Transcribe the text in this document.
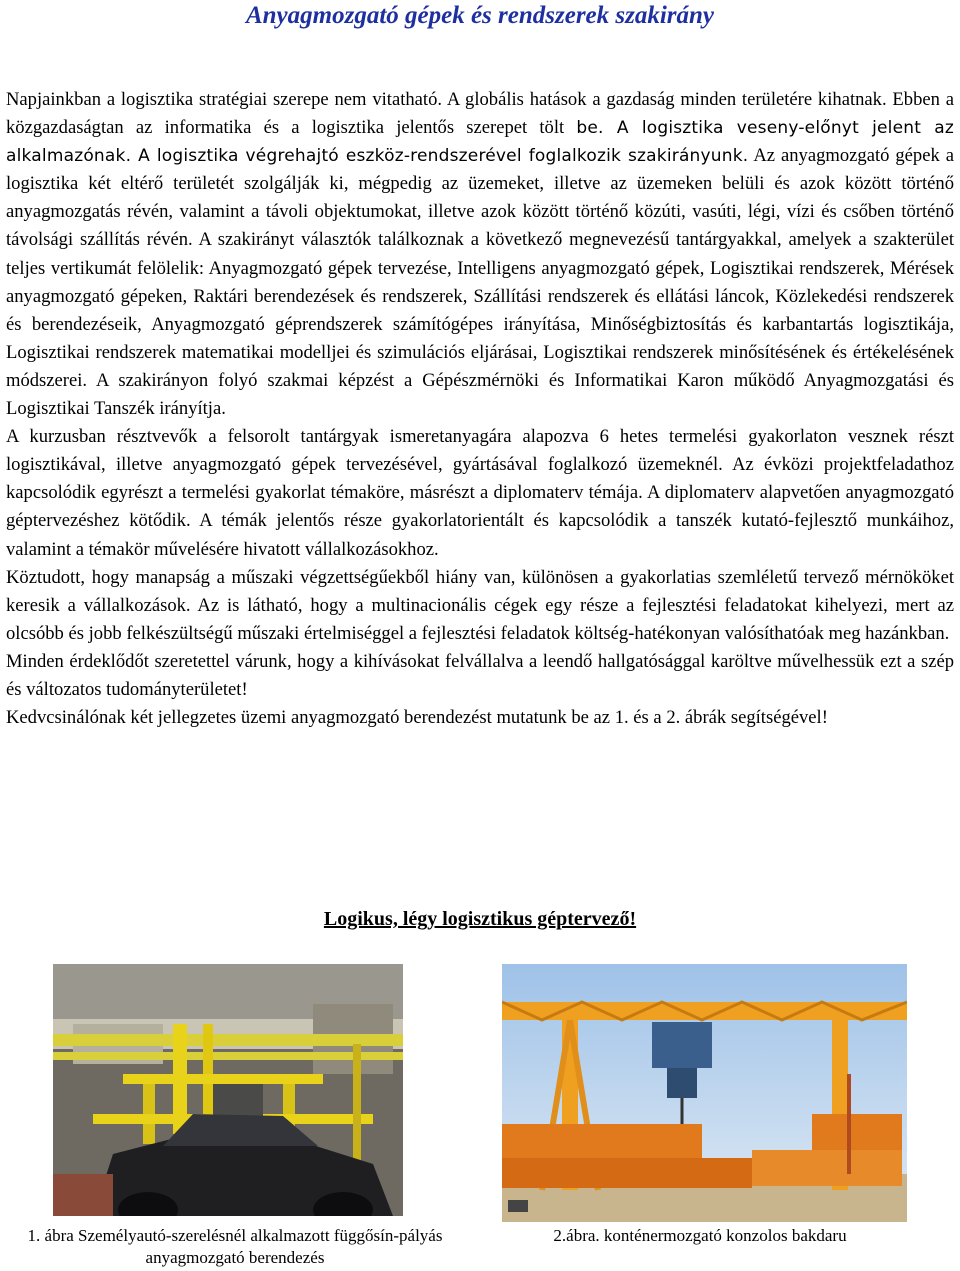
Anyagmozgató gépek és rendszerek szakirány

Napjainkban a logisztika stratégiai szerepe nem vitatható. A globális hatások a gazdaság minden területére kihatnak. Ebben a közgazdaságtan az informatika és a logisztika jelentős szerepet tölt be. A logisztika veseny-előnyt jelent az alkalmazónak. A logisztika végrehajtó eszköz-rendszerével foglalkozik szakirányunk. Az anyagmozgató gépek a logisztika két eltérő területét szolgálják ki, mégpedig az üzemeket, illetve az üzemeken belüli és azok között történő anyagmozgatás révén, valamint a távoli objektumokat, illetve azok között történő közúti, vasúti, légi, vízi és csőben történő távolsági szállítás révén. A szakirányt választók találkoznak a következő megnevezésű tantárgyakkal, amelyek a szakterület teljes vertikumát felölelik: Anyagmozgató gépek tervezése, Intelligens anyagmozgató gépek, Logisztikai rendszerek, Mérések anyagmozgató gépeken, Raktári berendezések és rendszerek, Szállítási rendszerek és ellátási láncok, Közlekedési rendszerek és berendezéseik, Anyagmozgató géprendszerek számítógépes irányítása, Minőségbiztosítás és karbantartás logisztikája, Logisztikai rendszerek matematikai modelljei és szimulációs eljárásai, Logisztikai rendszerek minősítésének és értékelésének módszerei. A szakirányon folyó szakmai képzést a Gépészmérnöki és Informatikai Karon működő Anyagmozgatási és Logisztikai Tanszék irányítja.

A kurzusban résztvevők a felsorolt tantárgyak ismeretanyagára alapozva 6 hetes termelési gyakorlaton vesznek részt logisztikával, illetve anyagmozgató gépek tervezésével, gyártásával foglalkozó üzemeknél. Az évközi projektfeladathoz kapcsolódik egyrészt a termelési gyakorlat témaköre, másrészt a diplomaterv témája. A diplomaterv alapvetően anyagmozgató géptervezéshez kötődik. A témák jelentős része gyakorlatorientált és kapcsolódik a tanszék kutató-fejlesztő munkáihoz, valamint a témakör művelésére hivatott vállalkozásokhoz.

Köztudott, hogy manapság a műszaki végzettségűekből hiány van, különösen a gyakorlatias szemléletű tervező mérnököket keresik a vállalkozások. Az is látható, hogy a multinacionális cégek egy része a fejlesztési feladatokat kihelyezi, mert az olcsóbb és jobb felkészültségű műszaki értelmiséggel a fejlesztési feladatok költség-hatékonyan valósíthatóak meg hazánkban.

Minden érdeklődőt szeretettel várunk, hogy a kihívásokat felvállalva a leendő hallgatósággal karöltve művelhessük ezt a szép és változatos tudományterületet!

Kedvcsinálónak két jellegzetes üzemi anyagmozgató berendezést mutatunk be az 1. és a 2. ábrák segítségével!

Logikus, légy logisztikus géptervező!
1. ábra Személyautó-szerelésnél alkalmazott függősín-pályás anyagmozgató berendezés
2.ábra. konténermozgató konzolos bakdaru
